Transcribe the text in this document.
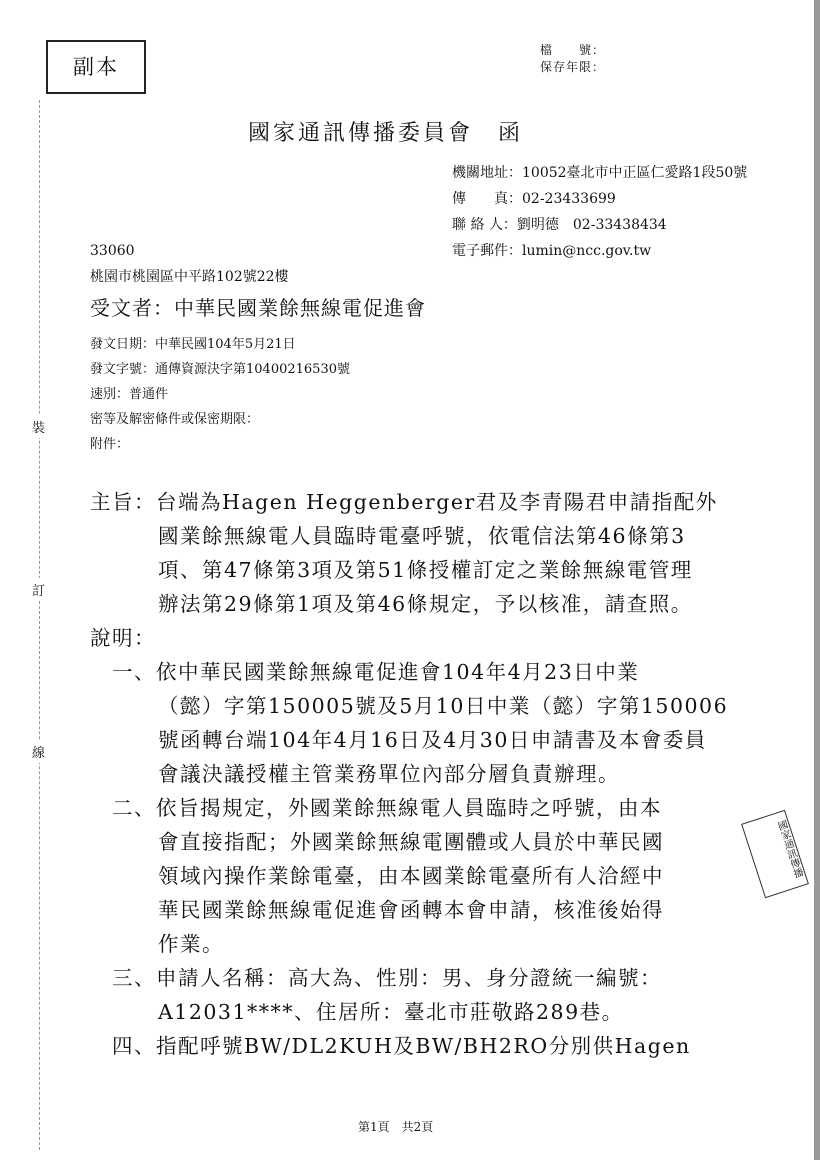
副本
檔　　號：
保存年限：
國家通訊傳播委員會　函
機關地址：10052臺北市中正區仁愛路1段50號
傳　　真：02-23433699
聯 絡 人：劉明德　02-33438434
電子郵件：lumin@ncc.gov.tw
33060
桃園市桃園區中平路102號22樓
受文者：中華民國業餘無線電促進會
發文日期：中華民國104年5月21日
發文字號：通傳資源決字第10400216530號
速別：普通件
密等及解密條件或保密期限：
附件：
主旨：台端為Hagen Heggenberger君及李青陽君申請指配外
國業餘無線電人員臨時電臺呼號，依電信法第46條第3
項、第47條第3項及第51條授權訂定之業餘無線電管理
辦法第29條第1項及第46條規定，予以核准，請查照。
說明：
一、依中華民國業餘無線電促進會104年4月23日中業
（懿）字第150005號及5月10日中業（懿）字第150006
號函轉台端104年4月16日及4月30日申請書及本會委員
會議決議授權主管業務單位內部分層負責辦理。
二、依旨揭規定，外國業餘無線電人員臨時之呼號，由本
會直接指配；外國業餘無線電團體或人員於中華民國
領域內操作業餘電臺，由本國業餘電臺所有人洽經中
華民國業餘無線電促進會函轉本會申請，核准後始得
作業。
三、申請人名稱：高大為、性別：男、身分證統一編號：
A12031****、住居所：臺北市莊敬路289巷。
四、指配呼號BW/DL2KUH及BW/BH2RO分別供Hagen
裝
訂
線
國家通訊傳播
第1頁　共2頁
